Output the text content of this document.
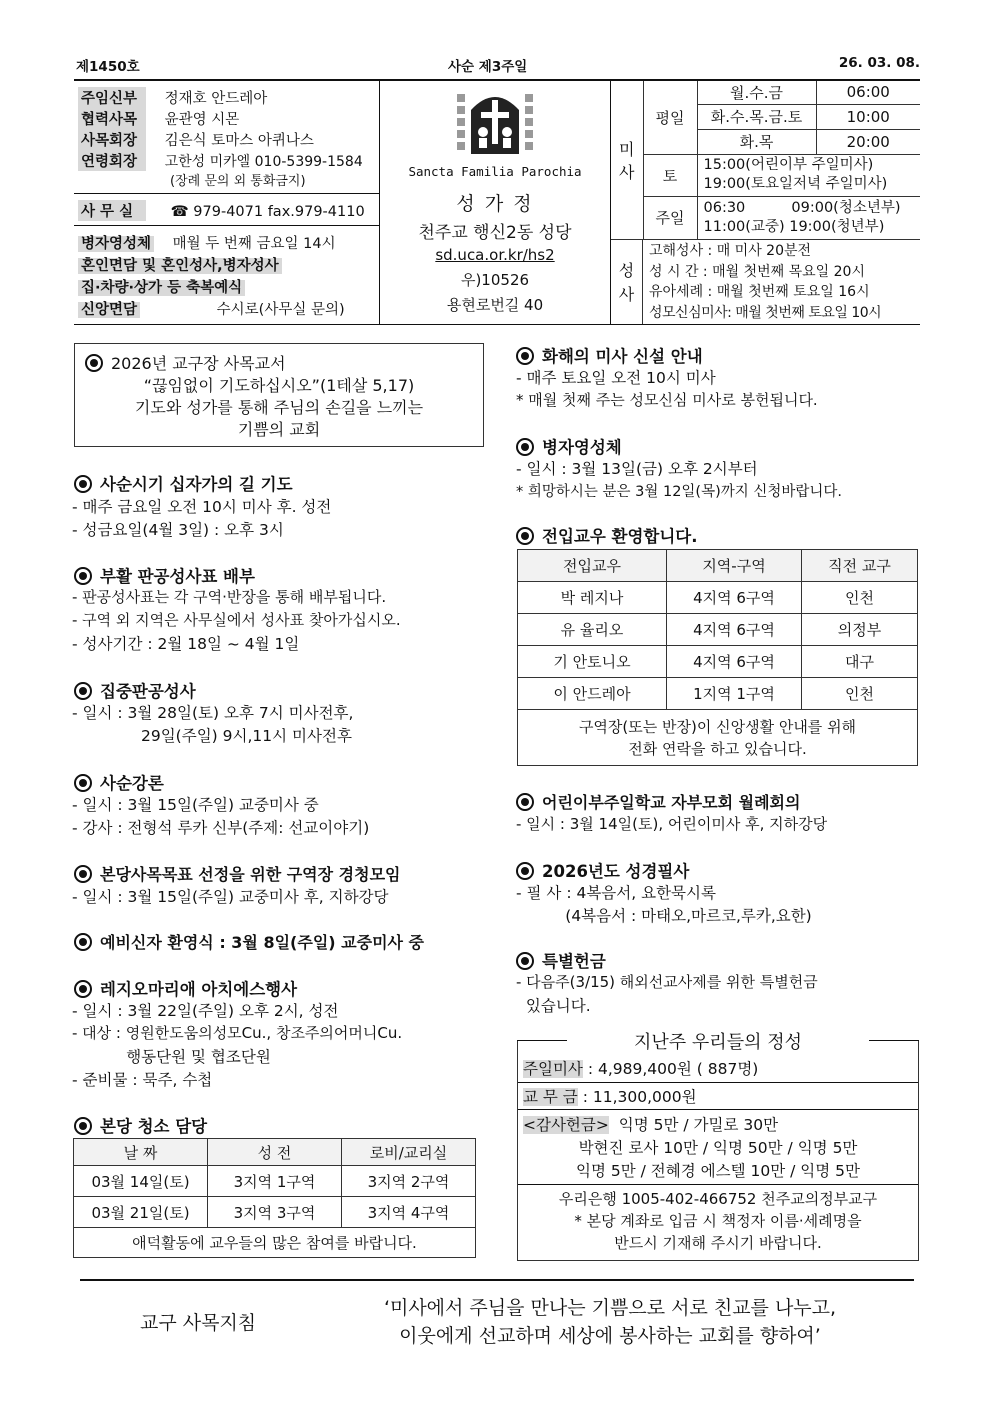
제1450호	사순 제3주일	26. 03. 08.
주임신부 정재호 안드레아
협력사목 윤관영 시몬
사목회장 김은식 토마스 아퀴나스
연령회장 고한성 미카엘 010-5399-1584
(장례 문의 외 통화금지)
사 무 실	☎ 979-4071 fax.979-4110
병자영성체 매월 두 번째 금요일 14시
혼인면담 및 혼인성사,병자성사
집·차량·상가 등 축복예식
신앙면담	수시로(사무실 문의)
Sancta Familia Parochia
성 가 정
천주교 행신2동 성당
sd.uca.or.kr/hs2
우)10526
용현로번길 40
미
사	평일	월.수.금	06:00
		화.수.목.금.토	10:00
		화.목	20:00
	토	15:00(어린이부 주일미사)
19:00(토요일저녁 주일미사)	
	주일	06:30          09:00(청소년부)
11:00(교중) 19:00(청년부)	
성
사
고해성사 : 매 미사 20분전
성 시 간 : 매월 첫번째 목요일 20시
유아세례 : 매월 첫번째 토요일 16시
성모신심미사: 매월 첫번째 토요일 10시
2026년 교구장 사목교서
“끊임없이 기도하십시오”(1테살 5,17)
기도와 성가를 통해 주님의 손길을 느끼는
기쁨의 교회
사순시기 십자가의 길 기도
- 매주 금요일 오전 10시 미사 후. 성전
- 성금요일(4월 3일) : 오후 3시
부활 판공성사표 배부
- 판공성사표는 각 구역·반장을 통해 배부됩니다.
- 구역 외 지역은 사무실에서 성사표 찾아가십시오.
- 성사기간 : 2월 18일 ~ 4월 1일
집중판공성사
- 일시 : 3월 28일(토) 오후 7시 미사전후,
29일(주일) 9시,11시 미사전후
사순강론
- 일시 : 3월 15일(주일) 교중미사 중
- 강사 : 전형석 루카 신부(주제: 선교이야기)
본당사목목표 선정을 위한 구역장 경청모임
- 일시 : 3월 15일(주일) 교중미사 후, 지하강당
예비신자 환영식 : 3월 8일(주일) 교중미사 중
레지오마리애 아치에스행사
- 일시 : 3월 22일(주일) 오후 2시, 성전
- 대상 : 영원한도움의성모Cu., 창조주의어머니Cu.
행동단원 및 협조단원
- 준비물 : 묵주, 수첩
본당 청소 담당
날 짜	성 전	로비/교리실
03월 14일(토)	3지역 1구역	3지역 2구역
03월 21일(토)	3지역 3구역	3지역 4구역
애덕활동에 교우들의 많은 참여를 바랍니다.		
화해의 미사 신설 안내
- 매주 토요일 오전 10시 미사
* 매월 첫째 주는 성모신심 미사로 봉헌됩니다.
병자영성체
- 일시 : 3월 13일(금) 오후 2시부터
* 희망하시는 분은 3월 12일(목)까지 신청바랍니다.
전입교우 환영합니다.
전입교우	지역-구역	직전 교구
박 레지나	4지역 6구역	인천
유 율리오	4지역 6구역	의정부
기 안토니오	4지역 6구역	대구
이 안드레아	1지역 1구역	인천
구역장(또는 반장)이 신앙생활 안내를 위해
전화 연락을 하고 있습니다.		
어린이부주일학교 자부모회 월례회의
- 일시 : 3월 14일(토), 어린이미사 후, 지하강당
2026년도 성경필사
- 필 사 : 4복음서, 요한묵시록
(4복음서 : 마태오,마르코,루카,요한)
특별헌금
- 다음주(3/15) 해외선교사제를 위한 특별헌금
있습니다.
지난주 우리들의 정성
주일미사 : 4,989,400원 ( 887명)
교 무 금 : 11,300,000원
<감사헌금>  익명 5만 / 가밀로 30만
박현진 로사 10만 / 익명 50만 / 익명 5만
익명 5만 / 전혜경 에스텔 10만 / 익명 5만
우리은행 1005-402-466752 천주교의정부교구
* 본당 계좌로 입금 시 책정자 이름·세례명을
반드시 기재해 주시기 바랍니다.
교구 사목지침
‘미사에서 주님을 만나는 기쁨으로 서로 친교를 나누고,
이웃에게 선교하며 세상에 봉사하는 교회를 향하여’
